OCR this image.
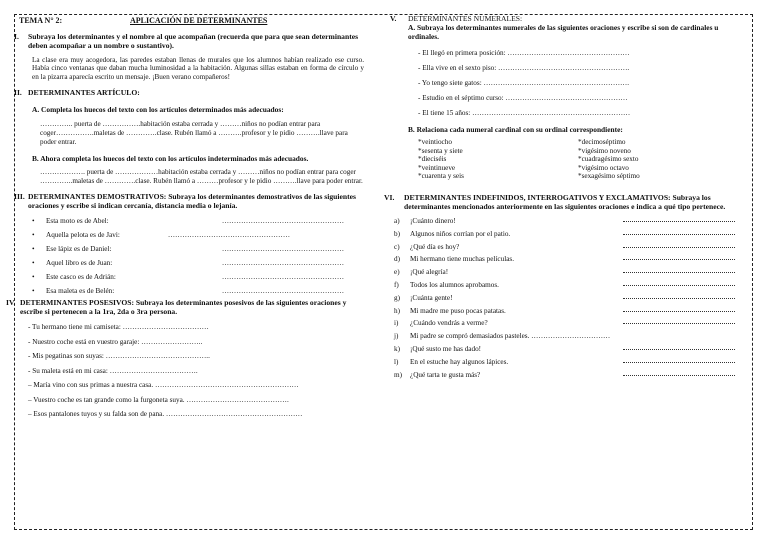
TEMA N° 2:	APLICACIÓN DE DETERMINANTES
I.	Subraya los determinantes y el nombre al que acompañan (recuerda que para que sean determinantes deben acompañar a un nombre o sustantivo).
La clase era muy acogedora, las paredes estaban llenas de murales que los alumnos habían realizado ese curso. Había cinco ventanas que daban mucha luminosidad a la habitación. Algunas sillas estaban en forma de círculo y en la pizarra aparecía escrito un mensaje. ¡Buen verano compañeros!
II. DETERMINANTES ARTÍCULO:
A. Completa los huecos del texto con los artículos determinados más adecuados:
………….. puerta de …………….habitación estaba cerrada y ………niños no podían entrar para coger…………….maletas de ………….clase. Rubén llamó a ……….profesor y le pidio ……….llave para poder entrar.
B. Ahora completa los huecos del texto con los artículos indeterminados más adecuados.
………………. puerta de ………………habitación estaba cerrada y ………niños no podían entrar para coger …………..maletas de ………….clase. Rubén llamó a ………profesor y le pidio ……….llave para poder entrar.
III. DETERMINANTES DEMOSTRATIVOS: Subraya los determinantes demostrativos de las siguientes oraciones y escribe si indican cercanía, distancia media o lejanía.
•	Esta moto es de Abel:	……………………………………………
•	Aquella pelota es de Javi:	……………………………………………
•	Ese lápiz es de Daniel:	……………………………………………
•	Aquel libro es de Juan:	……………………………………………
•	Este casco es de Adrián:	……………………………………………
•	Esa maleta es de Belén:	……………………………………………
IV. DETERMINANTES POSESIVOS: Subraya los determinantes posesivos de las siguientes oraciones y escribe si pertenecen a la 1ra, 2da o 3ra persona.
- Tu hermano tiene mi camiseta: ………………………………
- Nuestro coche está en vuestro garaje: ……………………..
- Mis pegatinas son suyas: ……………………………………..
- Su maleta está en mi casa: ……………………………….
– María vino con sus primas a nuestra casa. ……………………………………………………
– Vuestro coche es tan grande como la furgoneta suya. …………………………………….
– Esos pantalones tuyos y su falda son de pana. …………………………………………………
V.	DETERMINANTES NUMERALES:
A. Subraya los determinantes numerales de las siguientes oraciones y escribe si son de cardinales u ordinales.
- El llegó en primera posición: ……………………………………………
- Ella vive en el sexto piso: ……………………………………………….
- Yo tengo siete gatos: …………………………………………………….
- Estudio en el séptimo curso: ……………………………………………
- El tiene 15 años: …………………………………………………………
B. Relaciona cada numeral cardinal con su ordinal correspondiente:
*veintiocho	*decimoséptimo
*sesenta y siete	*vigésimo noveno
*dieciséis	*cuadragésimo sexto
*veintinueve	*vigésimo octavo
*cuarenta y seis	*sexagésimo séptimo
VI.	DETERMINANTES INDEFINIDOS, INTERROGATIVOS Y EXCLAMATIVOS: Subraya los determinantes mencionados anteriormente en las siguientes oraciones e indica a qué tipo pertenece.
a)	¡Cuánto dinero!
b)	Algunos niños corrían por el patio.
c)	¿Qué día es hoy?
d)	Mi hermano tiene muchas películas.
e)	¡Qué alegría!
f)	Todos los alumnos aprobamos.
g)	¡Cuánta gente!
h)	Mi madre me puso pocas patatas.
i)	¿Cuándo vendrás a verme?
j)	Mi padre se compró demasiados pasteles. ……………………………
k)	¡Qué susto me has dado!
l)	En el estuche hay algunos lápices.
m)	¿Qué tarta te gusta más?
